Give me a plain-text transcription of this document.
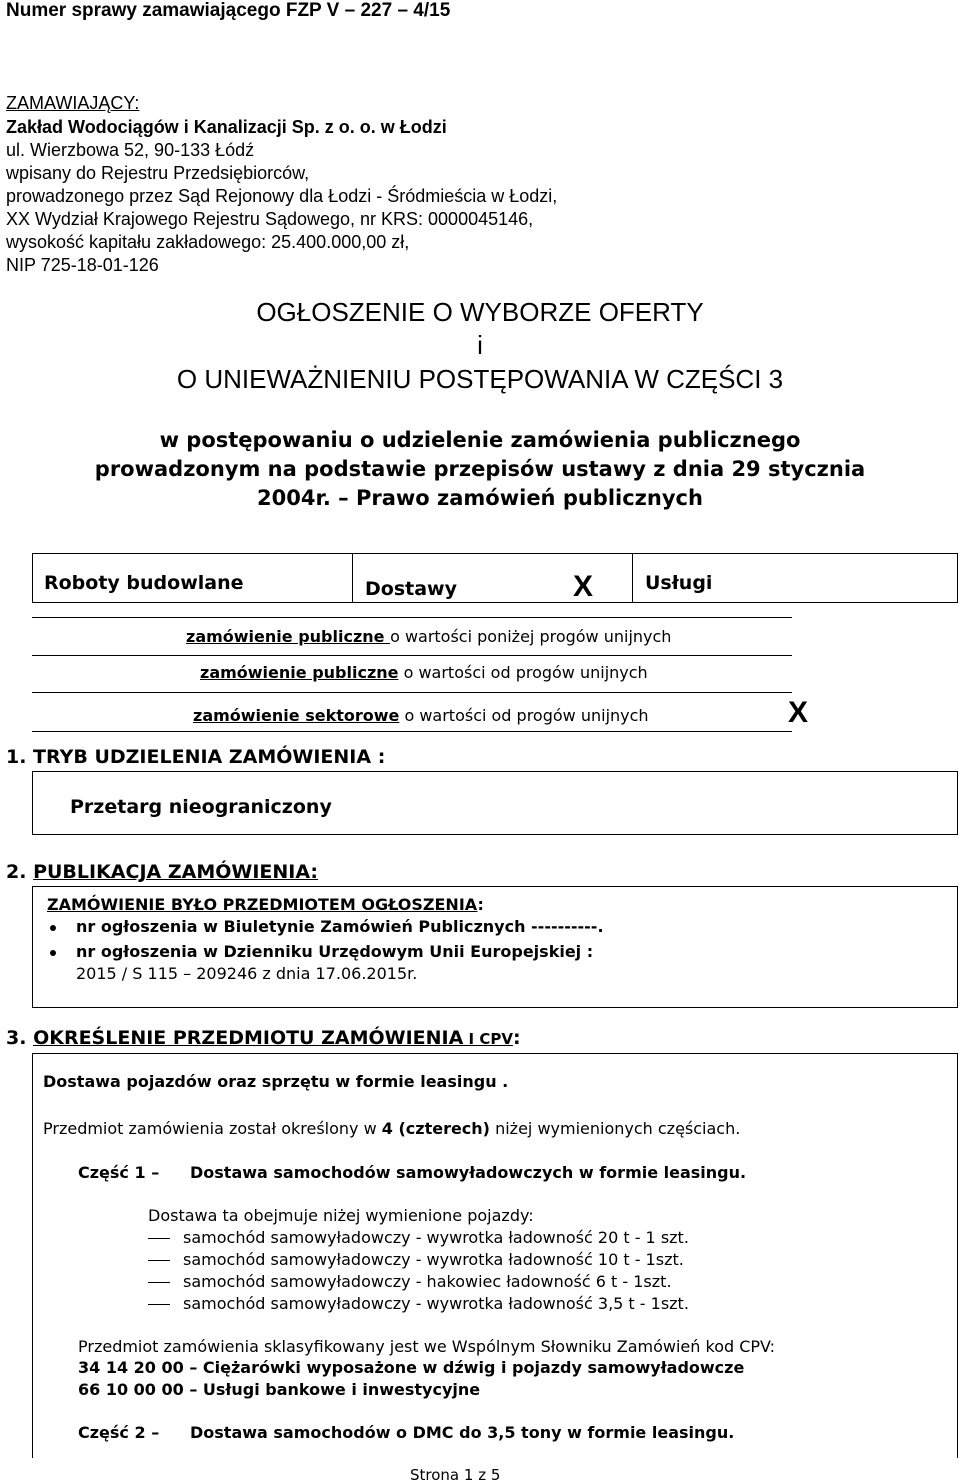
Numer sprawy zamawiającego FZP V – 227 – 4/15
ZAMAWIAJĄCY:
Zakład Wodociągów i Kanalizacji Sp. z o. o. w Łodzi
ul. Wierzbowa 52, 90-133 Łódź
wpisany do Rejestru Przedsiębiorców,
prowadzonego przez Sąd Rejonowy dla Łodzi - Śródmieścia w Łodzi,
XX Wydział Krajowego Rejestru Sądowego, nr KRS: 0000045146,
wysokość kapitału zakładowego: 25.400.000,00 zł,
NIP 725-18-01-126
OGŁOSZENIE O WYBORZE OFERTY
i
O UNIEWAŻNIENIU POSTĘPOWANIA W CZĘŚCI 3
w postępowaniu o udzielenie zamówienia publicznego
prowadzonym na podstawie przepisów ustawy z dnia 29 stycznia
2004r. – Prawo zamówień publicznych
Roboty budowlane	Dostawy	X	Usługi
zamówienie publiczne o wartości poniżej progów unijnych
zamówienie publiczne o wartości od progów unijnych
zamówienie sektorowe o wartości od progów unijnych	X
1. TRYB UDZIELENIA ZAMÓWIENIA :
Przetarg nieograniczony
2. PUBLIKACJA ZAMÓWIENIA:
ZAMÓWIENIE BYŁO PRZEDMIOTEM OGŁOSZENIA:
nr ogłoszenia w Biuletynie Zamówień Publicznych ----------.
nr ogłoszenia w Dzienniku Urzędowym Unii Europejskiej :
2015 / S 115 – 209246 z dnia 17.06.2015r.
3. OKREŚLENIE PRZEDMIOTU ZAMÓWIENIA I CPV:
Dostawa pojazdów oraz sprzętu w formie leasingu .
Przedmiot zamówienia został określony w 4 (czterech) niżej wymienionych częściach.
Część 1 – Dostawa samochodów samowyładowczych w formie leasingu.
Dostawa ta obejmuje niżej wymienione pojazdy:
samochód samowyładowczy - wywrotka ładowność 20 t - 1 szt.
samochód samowyładowczy - wywrotka ładowność 10 t - 1szt.
samochód samowyładowczy - hakowiec ładowność 6 t - 1szt.
samochód samowyładowczy - wywrotka ładowność 3,5 t - 1szt.
Przedmiot zamówienia sklasyfikowany jest we Wspólnym Słowniku Zamówień kod CPV:
34 14 20 00 – Ciężarówki wyposażone w dźwig i pojazdy samowyładowcze
66 10 00 00 – Usługi bankowe i inwestycyjne
Część 2 – Dostawa samochodów o DMC do 3,5 tony w formie leasingu.
Strona 1 z 5
